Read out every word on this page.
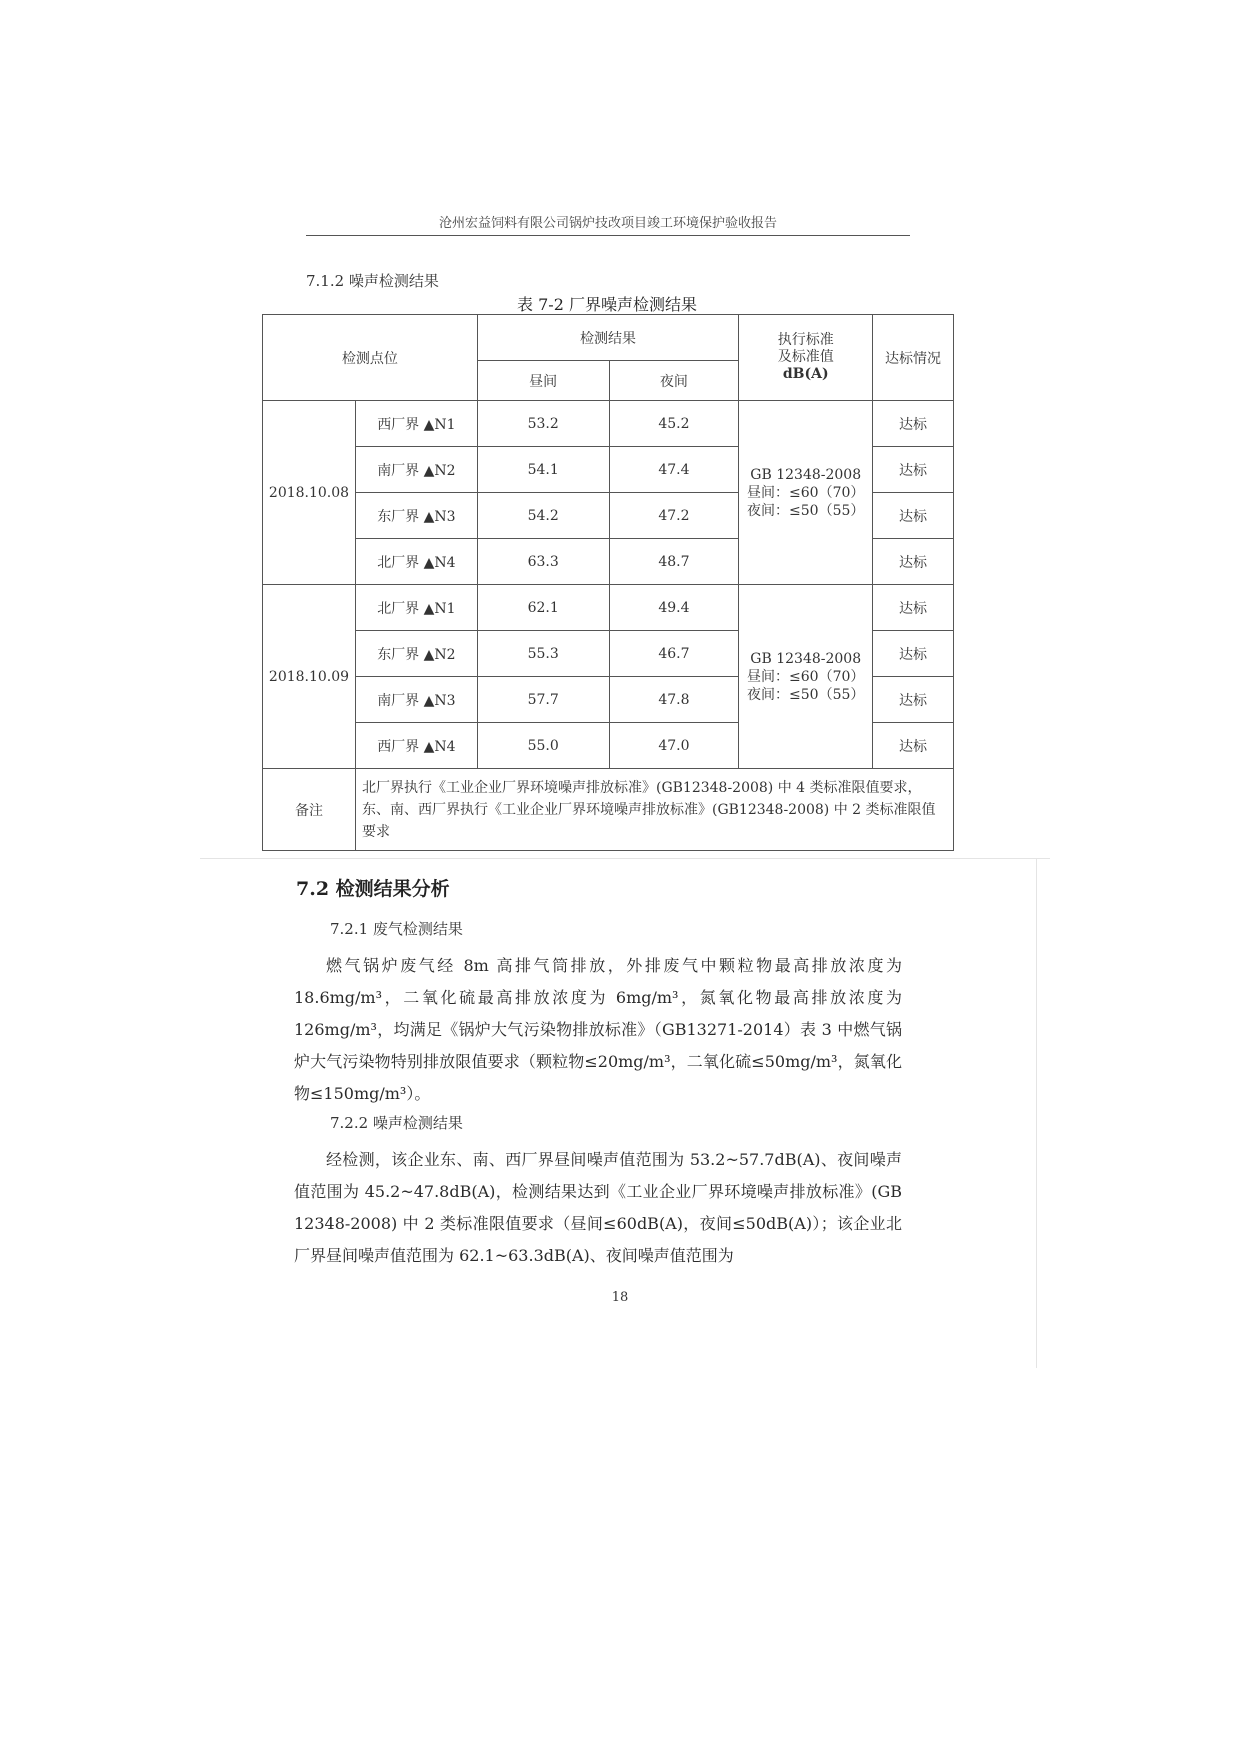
沧州宏益饲料有限公司锅炉技改项目竣工环境保护验收报告
7.1.2 噪声检测结果
表 7-2 厂界噪声检测结果
检测点位		检测结果		执行标准
及标准值
dB(A)	达标情况
		昼间	夜间		
2018.10.08	西厂界 ▲N1	53.2	45.2	GB 12348-2008
昼间：≤60（70）
夜间：≤50（55）	达标
	南厂界 ▲N2	54.1	47.4		达标
	东厂界 ▲N3	54.2	47.2		达标
	北厂界 ▲N4	63.3	48.7		达标
2018.10.09	北厂界 ▲N1	62.1	49.4	GB 12348-2008
昼间：≤60（70）
夜间：≤50（55）	达标
	东厂界 ▲N2	55.3	46.7		达标
	南厂界 ▲N3	57.7	47.8		达标
	西厂界 ▲N4	55.0	47.0		达标
备注	北厂界执行《工业企业厂界环境噪声排放标准》(GB12348-2008) 中 4 类标准限值要求，东、南、西厂界执行《工业企业厂界环境噪声排放标准》(GB12348-2008) 中 2 类标准限值要求				
7.2 检测结果分析
7.2.1 废气检测结果
燃气锅炉废气经 8m 高排气筒排放，外排废气中颗粒物最高排放浓度为 18.6mg/m³，二氧化硫最高排放浓度为 6mg/m³，氮氧化物最高排放浓度为 126mg/m³，均满足《锅炉大气污染物排放标准》（GB13271-2014）表 3 中燃气锅炉大气污染物特别排放限值要求（颗粒物≤20mg/m³，二氧化硫≤50mg/m³，氮氧化物≤150mg/m³）。
7.2.2 噪声检测结果
经检测，该企业东、南、西厂界昼间噪声值范围为 53.2~57.7dB(A)、夜间噪声值范围为 45.2~47.8dB(A)，检测结果达到《工业企业厂界环境噪声排放标准》(GB 12348-2008) 中 2 类标准限值要求（昼间≤60dB(A)，夜间≤50dB(A)）；该企业北厂界昼间噪声值范围为 62.1~63.3dB(A)、夜间噪声值范围为
18
